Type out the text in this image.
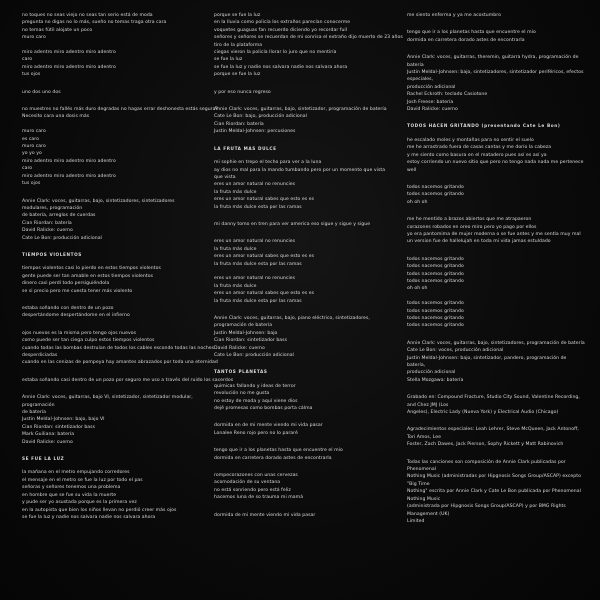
no toques no seas viejo no seas tan serio está de moda
pregunta no digas no lo más, sueño no temas traga otra cara
no temas fútil alojate un poco
muro caro
miro adentro miro adentro miro adentro
caro
miro adentro miro adentro miro adentro
tus ojos
uno dos uno dos
no muestres no fallés más duro degradas no hagas errar deshonesta estás segura?
Necesito cara una dosis más
muro caro
es caro
muro caro
yo yo yo
miro adentro miro adentro miro adentro
caro
miro adentro miro adentro miro adentro
tus ojos
Annie Clark: voces, guitarras, bajo, sintetizadores, sintetizadores modulares, programación
de batería, arreglos de cuerdas
Cian Riordan: batería
David Ralicke: cuerno
Cate Le Bon: producción adicional
TIEMPOS VIOLENTOS
tiempos violentos casi lo pierdo en estos tiempos violentos
gente puede ser tan amable en estos tiempos violentos
dinero casi perdí todo persiguiéndola
se si precio pero me cuesta tener más violento
estaba soñando con dentro de un pozo
despertándome despertándome en el infierno
ojos nuevos es la misma pero tengo ojos nuevos
como puede ser tan ciega culpo estos tiempos violentos
cuando todas las bombas destruían de todos los cables escondo todas las noches
desperdiciadas
cuando en las cenizas de pompeya hay amantes abrazados por toda una eternidad
estaba soñando casi dentro de un pozo por seguro me uso a través del ruido los sacerdos
Annie Clark: voces, guitarras, bajo VI, sintetizador, sintetizador modular, programación
de batería
Justin Meldal-Johnsen: bajo, bajo VI
Cian Riordan: sintetizador bass
Mark Guiliana: batería
David Ralicke: cuerno
SE FUE LA LUZ
la mañana en el metro empujando corredores
el mensaje en el metro se fue la luz por todo el pas
señoras y señores tenemos una problema
en hombre que se fue su vida la muerte
y pude ser yo asustada porque es la primera vez
en la autopista que bien los niños llevan no perdió creer más ojos
se fue la luz y nadie nos salvara nadie nos salvara ahora
porque se fue la luz
en la lluvia como policía los extraños parecían conocerme
voquetes guaguas fan recuerdo diciendo yo recordar fuíl
señores y señores se recuerdan de mi sonrisa el extraño dijo muerto de 23 años
tiro de la plataforma
ciegas vieron la policía llorar lo juro que no mentiría
se fue la luz
se fue la luz y nadie nos salvara nadie nos salvara ahora
porque se fue la luz
y por eso nunca regreso
Annie Clark: voces, guitarras, bajo, sintetizador, programación de batería
Cate Le Bon: bajo, producción adicional
Cian Riordan: batería
Justin Meldal-Johnsen: percusiones
LA FRUTA MAS DULCE
mi sophie en trepo el techo para ver a la luna
ay dios no mal para la mando tumbando pero por un momento que vista
que vista
eres un amor natural no renuncies
la fruta más dulce
eres un amor natural sabes que esto es es
la fruta más dulce esta por las ramas
mi danny tomo en tren para ver america eso sigue y sigue y sigue
eres un amor natural no renuncies
la fruta más dulce
eres un amor natural sabes que esto es es
la fruta más dulce esta por las ramas
eres un amor natural no renuncies
la fruta más dulce
eres un amor natural sabes que esto es es
la fruta más dulce esta por las ramas
Annie Clark: voces, guitarras, bajo, piano eléctrico, sintetizadores, programación de batería
Justin Meldal-Johnsen: bajo
Cian Riordan: sintetizador bass
David Ralicke: cuerno
Cate Le Bon: producción adicional
TANTOS PLANETAS
quimicas fallando y ideas de terror
revolución no me gusta
no estoy de moda y aquí viene dios
dejé promesas como bombas porta cálma
dormida en de mi mente viendo mi vida pasar
Lonalee Reno rojo pero no lo pararé
tengo que ir a los planetas hasta que encuentre el mío
dormida en carretera dorado astes de encontrarla
rompecorazones con unas cervezas
acomodación de su ventana
no está sonriendo pero está feliz
hacemos luna de so trauma mi mamá
dormida de mi mente viendo mi vida pasar
me siento enferma y ya me acostumbro
tengo que ir a los planetas hasta que encuentre el mío
dormida en carretera dorado astes de encontrarla
Annie Clark: voces, guitarras, theremin, guitarra hydra, programación de batería
Justin Meldal-Johnsen: bajo, sintetizadores, sintetizador periféricos, efectos especiales,
producción adicional
Rachel Eckroth: teclado Casiotone
Josh Freese: batería
David Ralicke: cuerno
TODOS HACEN GRITANDO (presentando Cate Le Bon)
he escalado moles y montañas para no sentir el suelo
me he arrastrado fuera de casas cantas y me dorío la cabeza
y me siento como basura en el matadero pues así es así ya
estoy corriendo un nuevo sitio que pero no tengo nada nada me pertenece
well
todos nacemos gritando
todos nacemos gritando
oh oh oh
me he mentido a brazos abiertos que me atrapaeron
corazones robados en oreo miro pero yo pago por ellos
yo era pantomima de mujer moderna o se fue antes y me sentía muy mal
un version fue de hallelujah en toda mi vida jamas estuldado
todos nacemos gritando
todos nacemos gritando
todos nacemos gritando
todos nacemos gritando
oh oh oh
todos nacemos gritando
todos nacemos gritando
todos nacemos gritando
todos nacemos gritando
Annie Clark: voces, guitarras, bajo, sintetizadores, programación de batería
Cate Le Bon: voces, producción adicional
Justin Meldal-Johnsen: bajo, sintetizador, pandero, programación de batería,
producción adicional
Stella Mozgawa: batería
Grabado en: Compound Fracture, Studio City Sound, Valentine Recording, and Chez JMJ (Los
Angeles), Electric Lady (Nueva York) y Electrical Audio (Chicago)
Agradecimientos especiales: Leah Lehrer, Steve McQueen, Jack Antonoff, Tori Amos, Lee
Foster, Zach Dawes, Jack Pierson, Sophy Rickett y Matt Rabinovich
Todas las canciones son composición de Annie Clark publicadas por Phenomenal
Nothing Music (administradas por Hipgnosis Songs Group/ASCAP) excepto "Big Time
Nothing" escrita por Annie Clark y Cate Le Bon publicada por Phenomenal Nothing Music
(administrada por Hipgnosis Songs Group/ASCAP) y por BMG Rights Management (UK)
Limited
